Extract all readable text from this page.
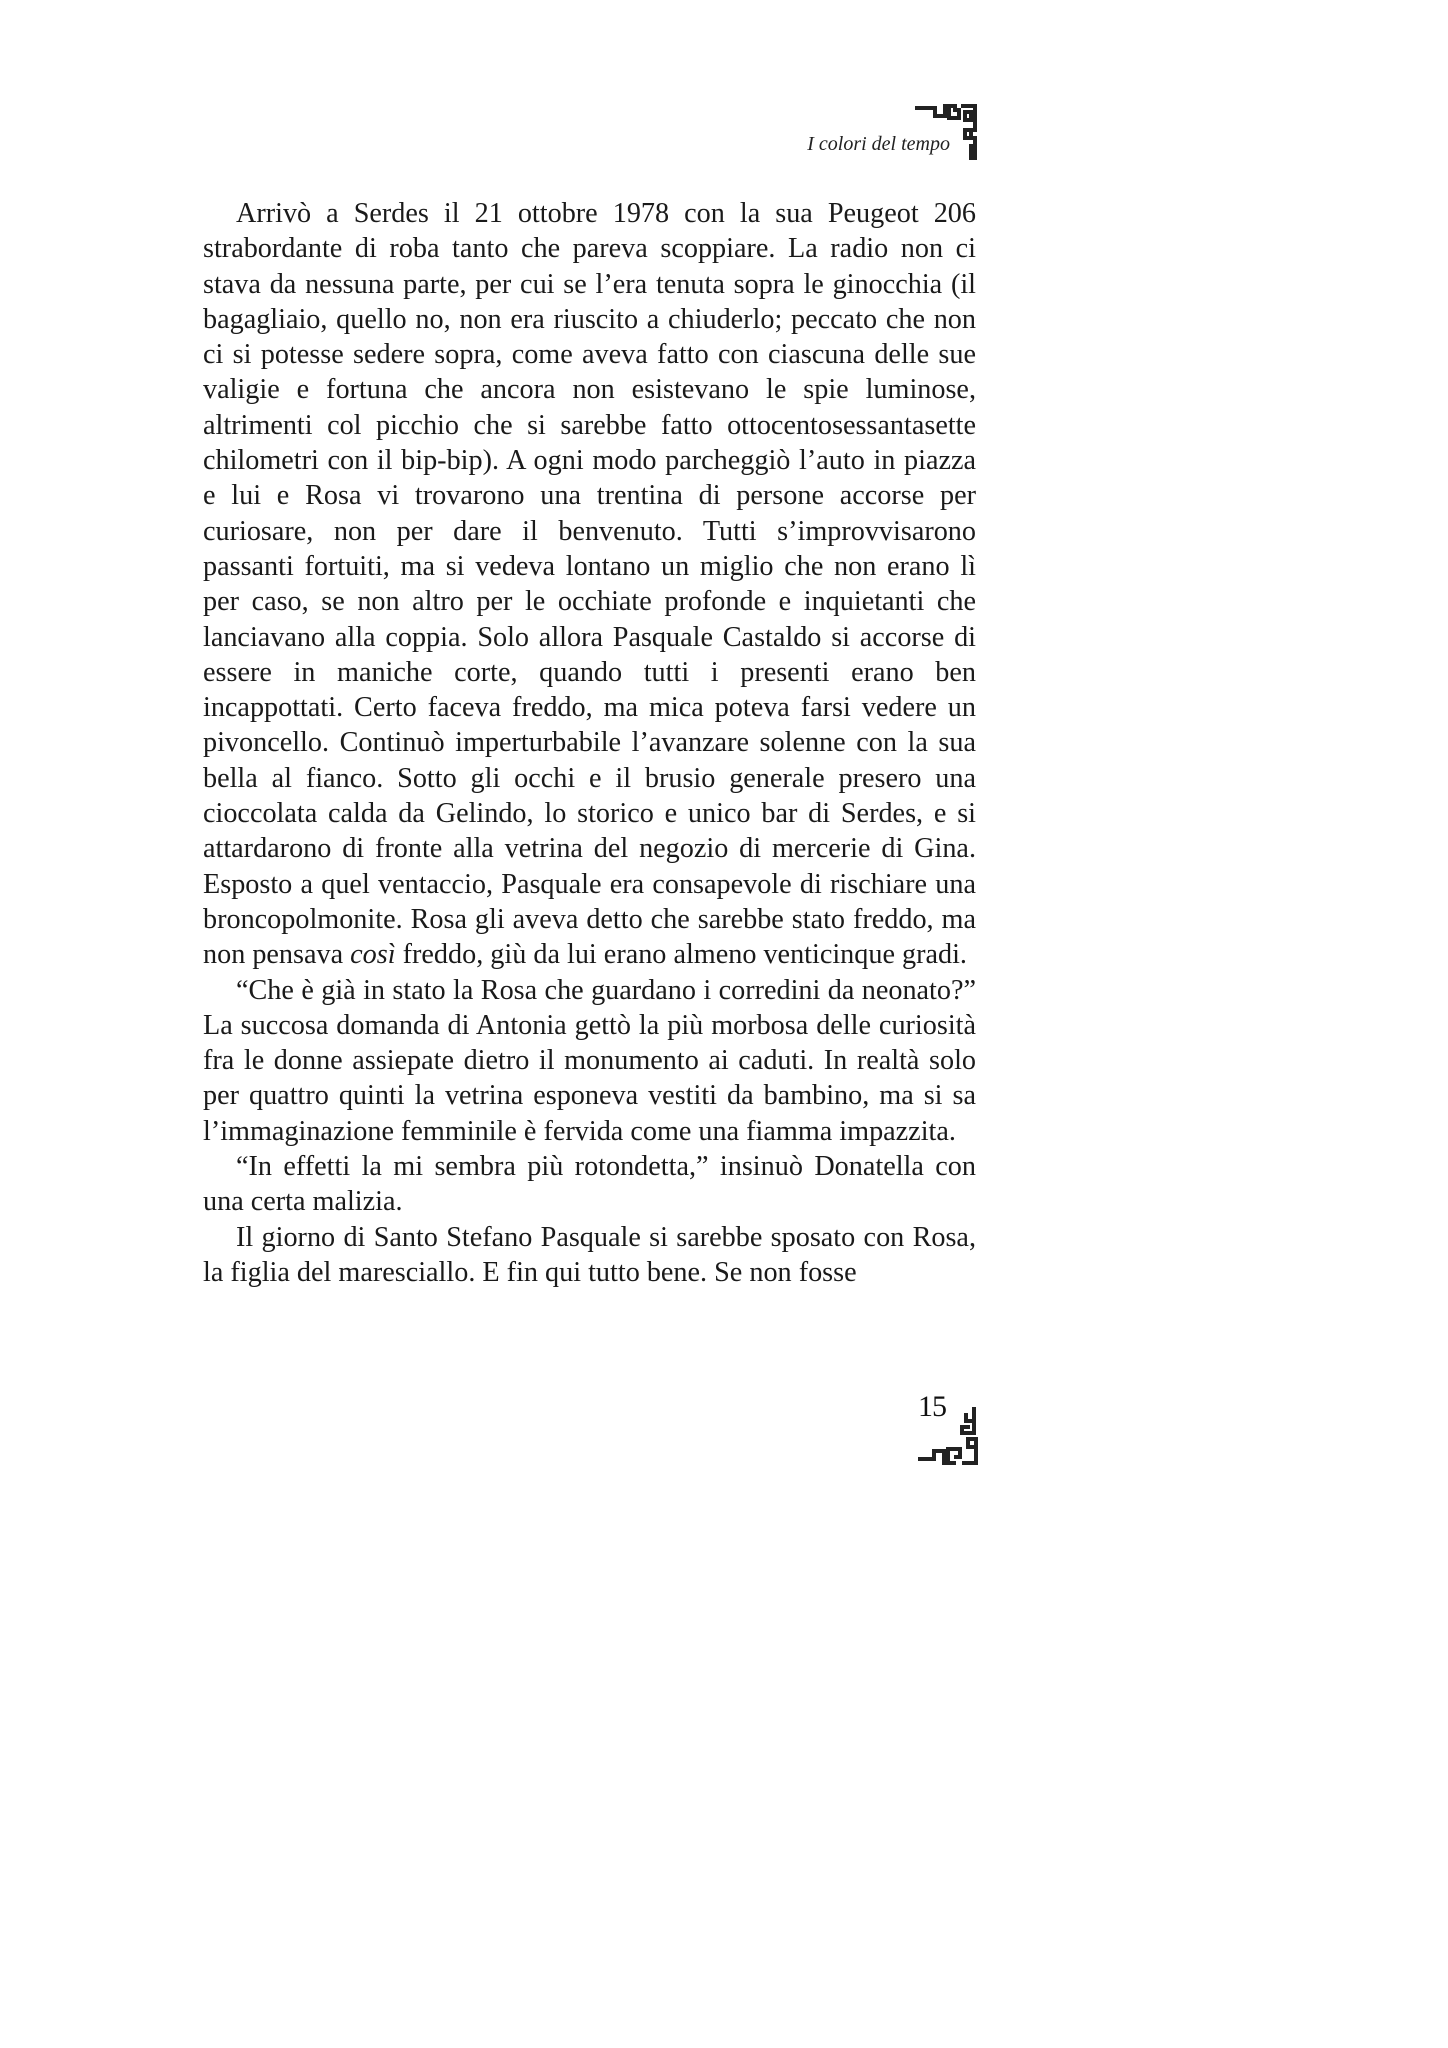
I colori del tempo

Arrivò a Serdes il 21 ottobre 1978 con la sua Peugeot 206 strabordante di roba tanto che pareva scoppiare. La radio non ci stava da nessuna parte, per cui se l’era tenuta sopra le ginocchia (il bagagliaio, quello no, non era riuscito a chiuderlo; peccato che non ci si potesse sedere sopra, come aveva fatto con ciascuna delle sue valigie e fortuna che ancora non esistevano le spie luminose, altrimenti col picchio che si sarebbe fatto ottocentosessantasette chilometri con il bip-bip). A ogni modo parcheggiò l’auto in piazza e lui e Rosa vi trovarono una trentina di persone accorse per curiosare, non per dare il benvenuto. Tutti s’improvvisarono passanti fortuiti, ma si vedeva lontano un miglio che non erano lì per caso, se non altro per le occhiate profonde e inquietanti che lanciavano alla coppia. Solo allora Pasquale Castaldo si accorse di essere in maniche corte, quando tutti i presenti erano ben incappottati. Certo faceva freddo, ma mica poteva farsi vedere un pivoncello. Continuò imperturbabile l’avanzare solenne con la sua bella al fianco. Sotto gli occhi e il brusio generale presero una cioccolata calda da Gelindo, lo storico e unico bar di Serdes, e si attardarono di fronte alla vetrina del negozio di mercerie di Gina. Esposto a quel ventaccio, Pasquale era consapevole di rischiare una broncopolmonite. Rosa gli aveva detto che sarebbe stato freddo, ma non pensava così freddo, giù da lui erano almeno venticinque gradi.

“Che è già in stato la Rosa che guardano i corredini da neonato?” La succosa domanda di Antonia gettò la più morbosa delle curiosità fra le donne assiepate dietro il monumento ai caduti. In realtà solo per quattro quinti la vetrina esponeva vestiti da bambino, ma si sa l’immaginazione femminile è fervida come una fiamma impazzita.

“In effetti la mi sembra più rotondetta,” insinuò Donatella con una certa malizia.

Il giorno di Santo Stefano Pasquale si sarebbe sposato con Rosa, la figlia del maresciallo. E fin qui tutto bene. Se non fosse

15
